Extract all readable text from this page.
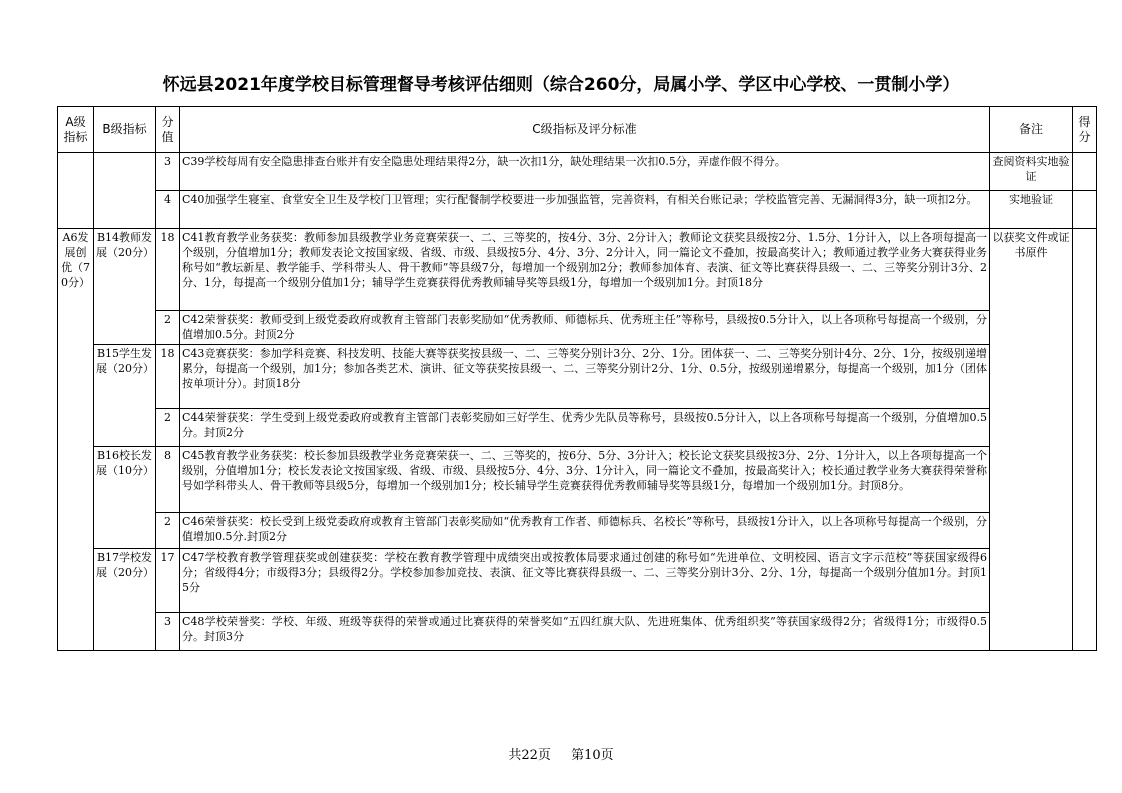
怀远县2021年度学校目标管理督导考核评估细则（综合260分，局属小学、学区中心学校、一贯制小学）
A级指标	B级指标	分值	C级指标及评分标准	备注	得分
		3	C39学校每周有安全隐患排查台账并有安全隐患处理结果得2分，缺一次扣1分，缺处理结果一次扣0.5分，弄虚作假不得分。	查阅资料实地验证	
		4	C40加强学生寝室、食堂安全卫生及学校门卫管理；实行配餐制学校要进一步加强监管，完善资料，有相关台账记录；学校监管完善、无漏洞得3分，缺一项扣2分。	实地验证	
A6发展创优（70分）	B14教师发展（20分）	18	C41教育教学业务获奖：教师参加县级教学业务竞赛荣获一、二、三等奖的，按4分、3分、2分计入；教师论文获奖县级按2分、1.5分、1分计入，以上各项每提高一个级别，分值增加1分；教师发表论文按国家级、省级、市级、县级按5分、4分、3分、2分计入，同一篇论文不叠加，按最高奖计入；教师通过教学业务大赛获得业务称号如“教坛新星、教学能手、学科带头人、骨干教师”等县级7分，每增加一个级别加2分；教师参加体育、表演、征文等比赛获得县级一、二、三等奖分别计3分、2分、1分，每提高一个级别分值加1分；辅导学生竞赛获得优秀教师辅导奖等县级1分，每增加一个级别加1分。封顶18分	以获奖文件或证书原件	
		2	C42荣誉获奖：教师受到上级党委政府或教育主管部门表彰奖励如“优秀教师、师德标兵、优秀班主任”等称号，县级按0.5分计入，以上各项称号每提高一个级别，分值增加0.5分。封顶2分		
	B15学生发展（20分）	18	C43竞赛获奖：参加学科竞赛、科技发明、技能大赛等获奖按县级一、二、三等奖分别计3分、2分、1分。团体获一、二、三等奖分别计4分、2分、1分，按级别递增累分，每提高一个级别，加1分；参加各类艺术、演讲、征文等获奖按县级一、二、三等奖分别计2分、1分、0.5分，按级别递增累分，每提高一个级别，加1分（团体按单项计分）。封顶18分		
		2	C44荣誉获奖：学生受到上级党委政府或教育主管部门表彰奖励如三好学生、优秀少先队员等称号，县级按0.5分计入，以上各项称号每提高一个级别，分值增加0.5分。封顶2分		
	B16校长发展（10分）	8	C45教育教学业务获奖：校长参加县级教学业务竞赛荣获一、二、三等奖的，按6分、5分、3分计入；校长论文获奖县级按3分、2分、1分计入，以上各项每提高一个级别，分值增加1分；校长发表论文按国家级、省级、市级、县级按5分、4分、3分、1分计入，同一篇论文不叠加，按最高奖计入；校长通过教学业务大赛获得荣誉称号如学科带头人、骨干教师等县级5分，每增加一个级别加1分；校长辅导学生竞赛获得优秀教师辅导奖等县级1分，每增加一个级别加1分。封顶8分。		
		2	C46荣誉获奖：校长受到上级党委政府或教育主管部门表彰奖励如“优秀教育工作者、师德标兵、名校长”等称号，县级按1分计入，以上各项称号每提高一个级别，分值增加0.5分.封顶2分		
	B17学校发展（20分）	17	C47学校教育教学管理获奖或创建获奖：学校在教育教学管理中成绩突出或按教体局要求通过创建的称号如“先进单位、文明校园、语言文字示范校”等获国家级得6分；省级得4分；市级得3分；县级得2分。学校参加参加竞技、表演、征文等比赛获得县级一、二、三等奖分别计3分、2分、1分，每提高一个级别分值加1分。封顶15分		
		3	C48学校荣誉奖：学校、年级、班级等获得的荣誉或通过比赛获得的荣誉奖如“五四红旗大队、先进班集体、优秀组织奖”等获国家级得2分；省级得1分；市级得0.5分。封顶3分		
共22页 第10页
